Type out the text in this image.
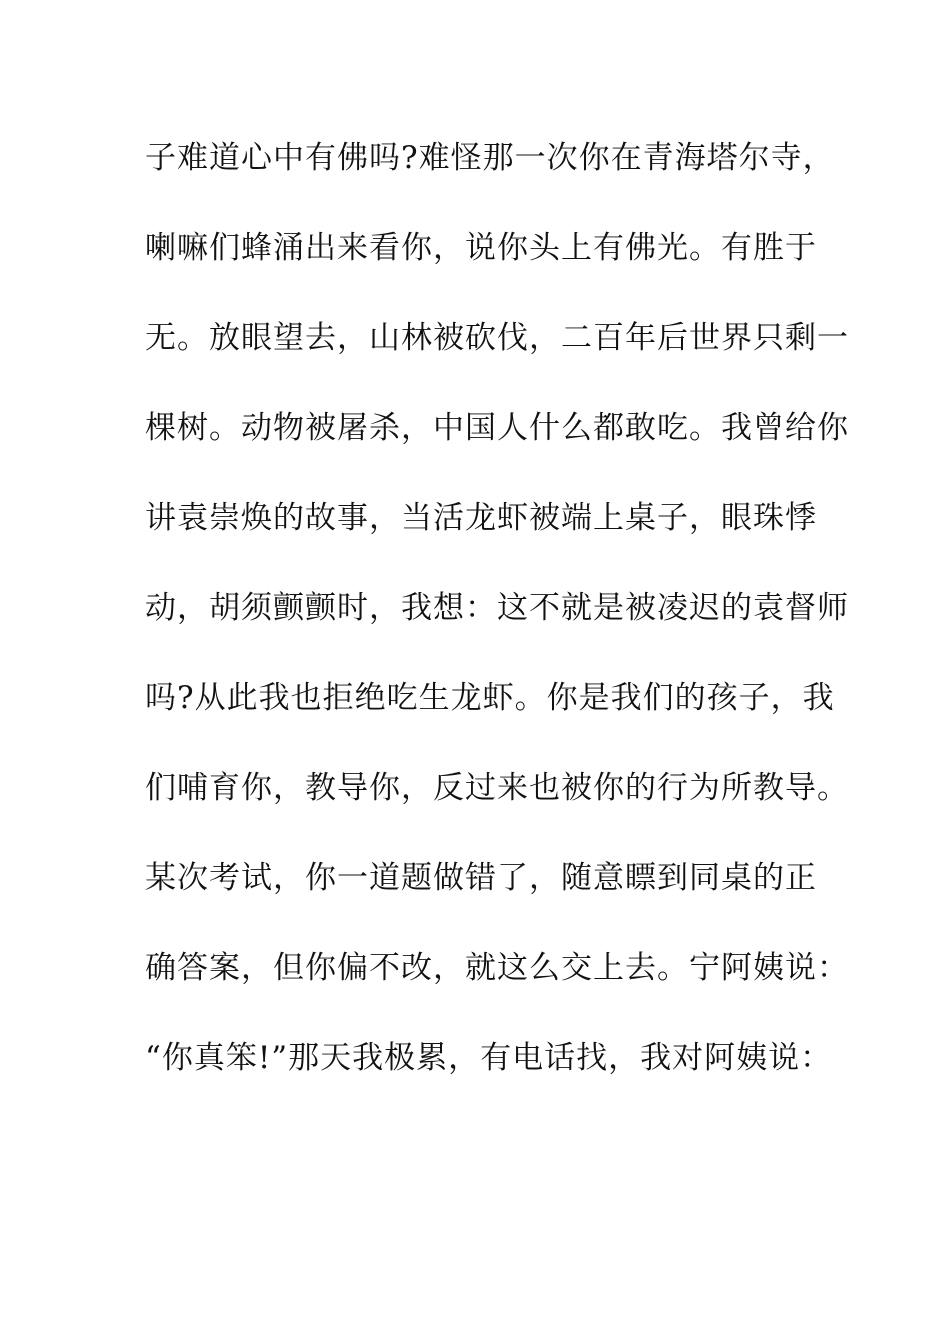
子难道心中有佛吗?难怪那一次你在青海塔尔寺，
喇嘛们蜂涌出来看你，说你头上有佛光。有胜于
无。放眼望去，山林被砍伐，二百年后世界只剩一
棵树。动物被屠杀，中国人什么都敢吃。我曾给你
讲袁崇焕的故事，当活龙虾被端上桌子，眼珠悸
动，胡须颤颤时，我想：这不就是被凌迟的袁督师
吗?从此我也拒绝吃生龙虾。你是我们的孩子，我
们哺育你，教导你，反过来也被你的行为所教导。
某次考试，你一道题做错了，随意瞟到同桌的正
确答案，但你偏不改，就这么交上去。宁阿姨说：
“你真笨!”那天我极累，有电话找，我对阿姨说：
